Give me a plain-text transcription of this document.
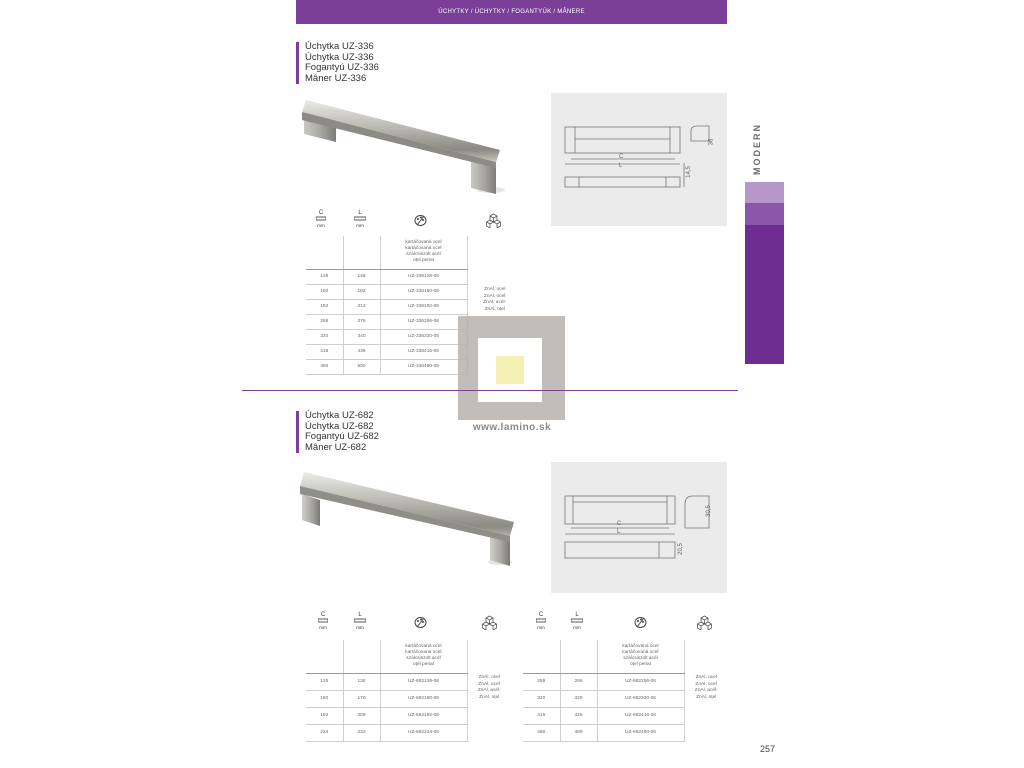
ÚCHYTKY / ÚCHYTKY / FOGANTYÚK / MÂNERE
MODERN
Úchytka UZ-336
Úchytka UZ-336
Fogantyú UZ-336
Mâner UZ-336
C
L
36
14,5
C
mm
L
mm

		kartáčovaná ocel
kartáčovaná oceľ
szálcsiszolt acél
oțel periat	

128	148	UZ-336128-06	ZnAl, ocel
ZnAl, oceľ
ZnAl, acél-
ZnAl, oțel

160	182	UZ-336160-06	
192	213	UZ-336192-06	
256	276	UZ-336256-06	
320	340	UZ-336320-06	
416	436	UZ-336416-06	
480	500	UZ-336480-06	
www.lamino.sk
Úchytka UZ-682
Úchytka UZ-682
Fogantyú UZ-682
Mâner UZ-682
C
L
30,5
20,5
C
mm
L
mm
C
mm
L
mm

		kartáčovaná ocel
kartáčovaná oceľ
szálcsiszolt acél
oțel periat	

128	136	UZ-682128-06	ZnAl, ocel
ZnAl, oceľ
ZnAl, acél-
ZnAl, oțel

160	170	UZ-682160-06	
192	209	UZ-682192-06	
224	232	UZ-682224-06	

		kartáčovaná ocel
kartáčovaná oceľ
szálcsiszolt acél
oțel periat	

256	266	UZ-682256-06	ZnAl, ocel
ZnAl, oceľ
ZnAl, acél-
ZnAl, oțel

320	329	UZ-682320-06	
416	425	UZ-682416-06	
480	489	UZ-682480-06	
257
